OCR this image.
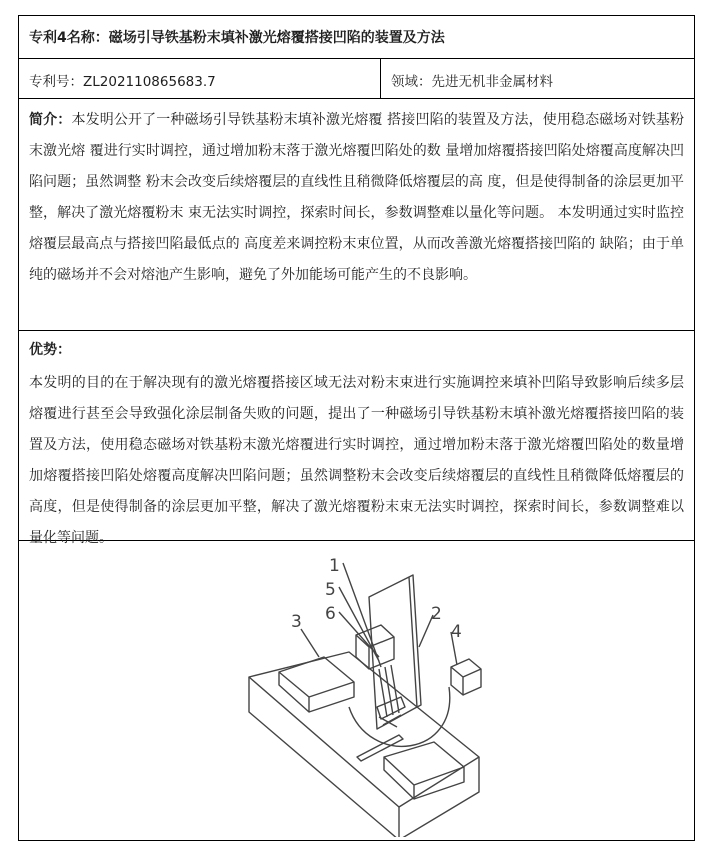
专利4名称：磁场引导铁基粉末填补激光熔覆搭接凹陷的装置及方法
专利号：ZL202110865683.7	领域：先进无机非金属材料
简介：本发明公开了一种磁场引导铁基粉末填补激光熔覆 搭接凹陷的装置及方法，使用稳态磁场对铁基粉末激光熔 覆进行实时调控，通过增加粉末落于激光熔覆凹陷处的数 量增加熔覆搭接凹陷处熔覆高度解决凹陷问题；虽然调整 粉末会改变后续熔覆层的直线性且稍微降低熔覆层的高 度，但是使得制备的涂层更加平整，解决了激光熔覆粉末 束无法实时调控，探索时间长，参数调整难以量化等问题。 本发明通过实时监控熔覆层最高点与搭接凹陷最低点的 高度差来调控粉末束位置，从而改善激光熔覆搭接凹陷的 缺陷；由于单纯的磁场并不会对熔池产生影响，避免了外加能场可能产生的不良影响。
优势：
本发明的目的在于解决现有的激光熔覆搭接区域无法对粉末束进行实施调控来填补凹陷导致影响后续多层熔覆进行甚至会导致强化涂层制备失败的问题，提出了一种磁场引导铁基粉末填补激光熔覆搭接凹陷的装置及方法，使用稳态磁场对铁基粉末激光熔覆进行实时调控，通过增加粉末落于激光熔覆凹陷处的数量增加熔覆搭接凹陷处熔覆高度解决凹陷问题；虽然调整粉末会改变后续熔覆层的直线性且稍微降低熔覆层的高度，但是使得制备的涂层更加平整，解决了激光熔覆粉末束无法实时调控，探索时间长，参数调整难以量化等问题。
1
5
6
3	2
4
